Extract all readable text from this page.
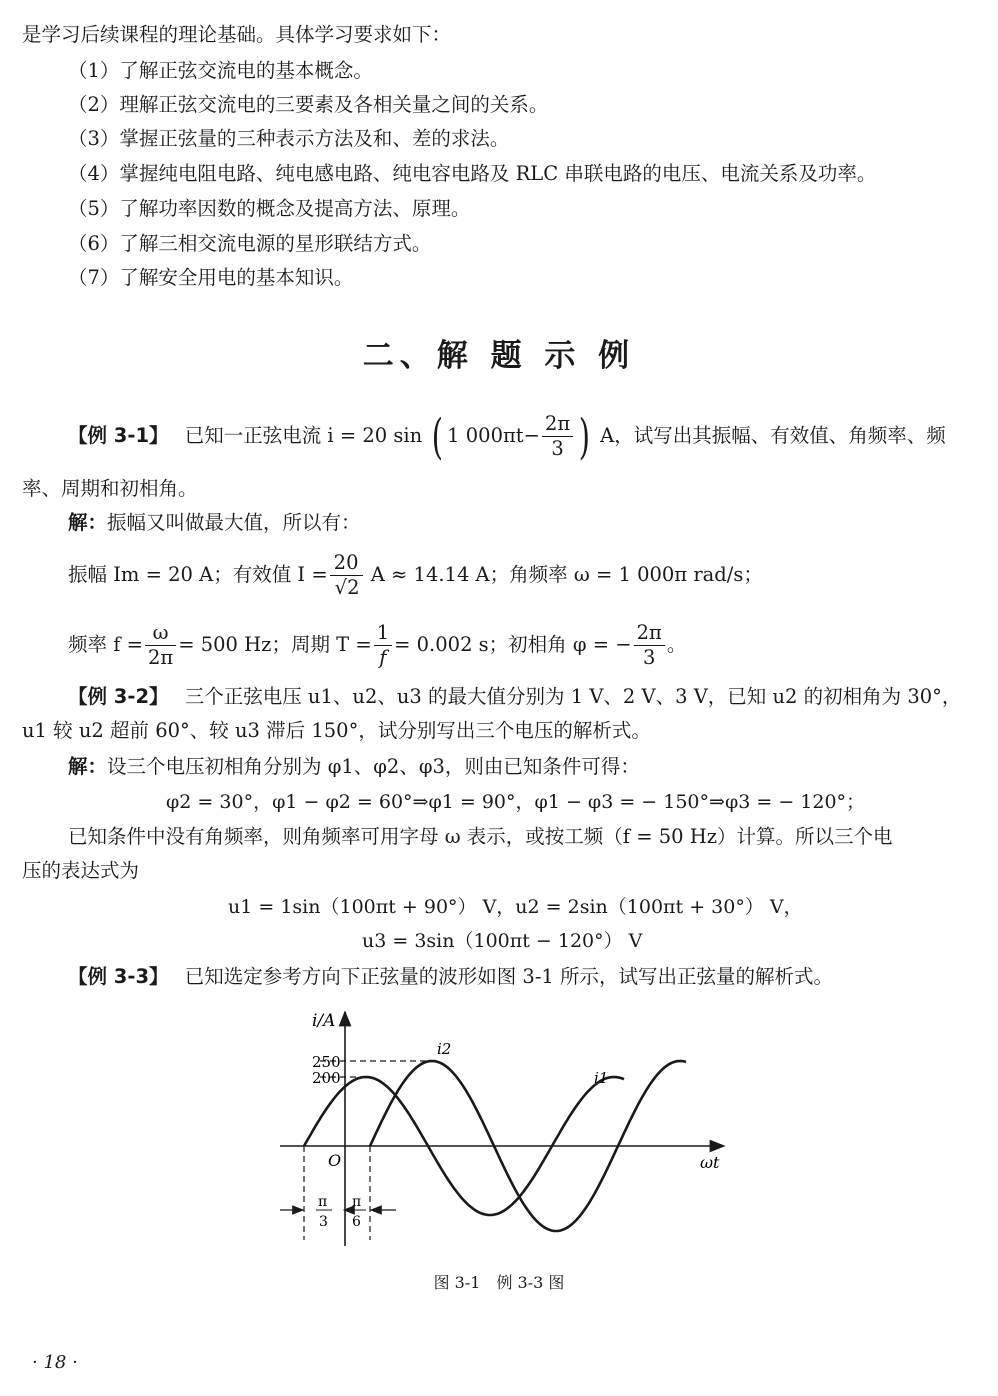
是学习后续课程的理论基础。具体学习要求如下：
（1）了解正弦交流电的基本概念。
（2）理解正弦交流电的三要素及各相关量之间的关系。
（3）掌握正弦量的三种表示方法及和、差的求法。
（4）掌握纯电阻电路、纯电感电路、纯电容电路及 RLC 串联电路的电压、电流关系及功率。
（5）了解功率因数的概念及提高方法、原理。
（6）了解三相交流电源的星形联结方式。
（7）了解安全用电的基本知识。
二、解 题 示 例
【例 3-1】 已知一正弦电流 i = 20 sin ( 1 $000\pi t- \frac{2\pi}{3}$ ) A，试写出其振幅、有效值、角频率、频
率、周期和初相角。
解：振幅又叫做最大值，所以有：
振幅 Im = 20 A；有效值 $I = \frac{20}{√2}$ A ≈ 14.14 A；角频率 ω = 1 000π rad/s；
频率 $f = \frac{\omega}{2\pi} = 500$ Hz；周期 $T = \frac{1}{f} = 0.002$ s；初相角 φ = − $\frac{2\pi}{3}$ 。
【例 3-2】 三个正弦电压 u1、u2、u3 的最大值分别为 1 V、2 V、3 V，已知 u2 的初相角为 30°，
u1 较 u2 超前 60°、较 u3 滞后 150°，试分别写出三个电压的解析式。
解：设三个电压初相角分别为 φ1、φ2、φ3，则由已知条件可得：
φ2 = 30°，φ1 − φ2 = 60°⇒φ1 = 90°，φ1 − φ3 = − 150°⇒φ3 = − 120°；
已知条件中没有角频率，则角频率可用字母 ω 表示，或按工频（f = 50 Hz）计算。所以三个电
压的表达式为
u1 = 1sin（100πt + 90°） V，u2 = 2sin（100πt + 30°） V，
u3 = 3sin（100πt − 120°） V
【例 3-3】 已知选定参考方向下正弦量的波形如图 3-1 所示，试写出正弦量的解析式。
i/A
ωt
O
250
200
i2
i1
π
3
π
6
图 3-1　例 3-3 图
· 18 ·
